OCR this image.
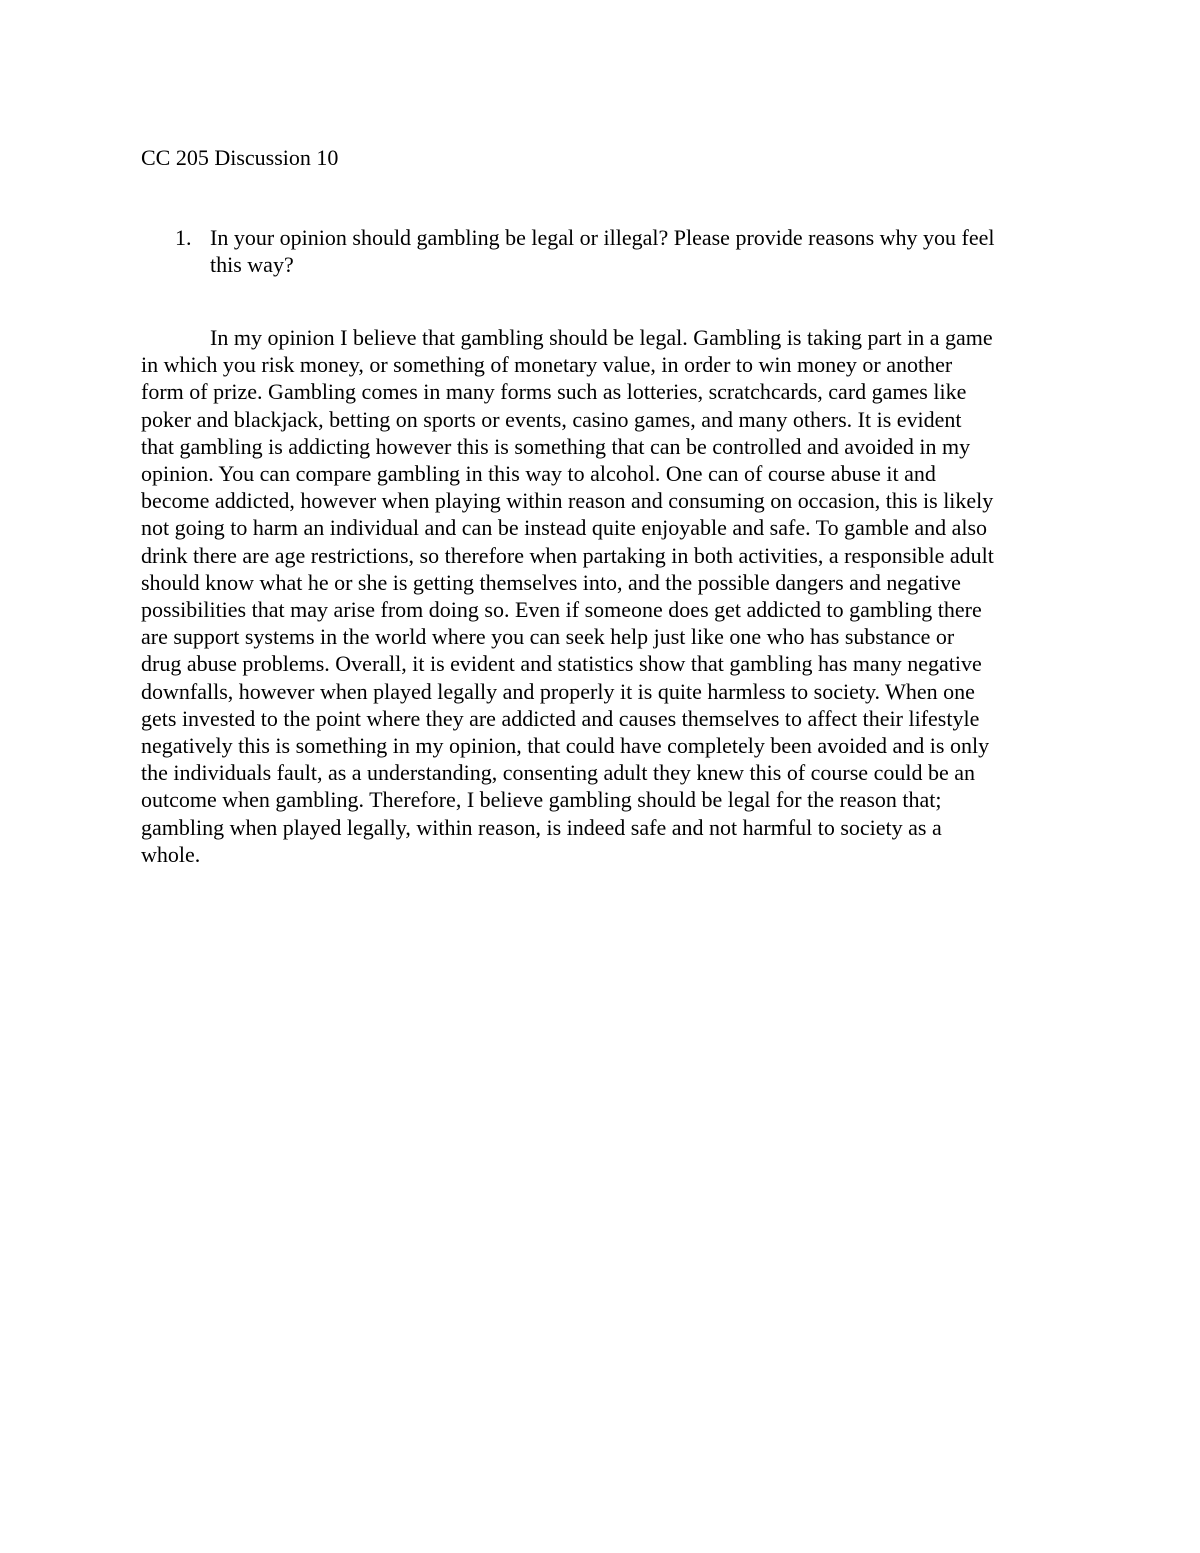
CC 205 Discussion 10
1. In your opinion should gambling be legal or illegal? Please provide reasons why you feel
this way?
In my opinion I believe that gambling should be legal. Gambling is taking part in a game
in which you risk money, or something of monetary value, in order to win money or another
form of prize. Gambling comes in many forms such as lotteries, scratchcards, card games like
poker and blackjack, betting on sports or events, casino games, and many others. It is evident
that gambling is addicting however this is something that can be controlled and avoided in my
opinion. You can compare gambling in this way to alcohol. One can of course abuse it and
become addicted, however when playing within reason and consuming on occasion, this is likely
not going to harm an individual and can be instead quite enjoyable and safe. To gamble and also
drink there are age restrictions, so therefore when partaking in both activities, a responsible adult
should know what he or she is getting themselves into, and the possible dangers and negative
possibilities that may arise from doing so. Even if someone does get addicted to gambling there
are support systems in the world where you can seek help just like one who has substance or
drug abuse problems. Overall, it is evident and statistics show that gambling has many negative
downfalls, however when played legally and properly it is quite harmless to society. When one
gets invested to the point where they are addicted and causes themselves to affect their lifestyle
negatively this is something in my opinion, that could have completely been avoided and is only
the individuals fault, as a understanding, consenting adult they knew this of course could be an
outcome when gambling. Therefore, I believe gambling should be legal for the reason that;
gambling when played legally, within reason, is indeed safe and not harmful to society as a
whole.
